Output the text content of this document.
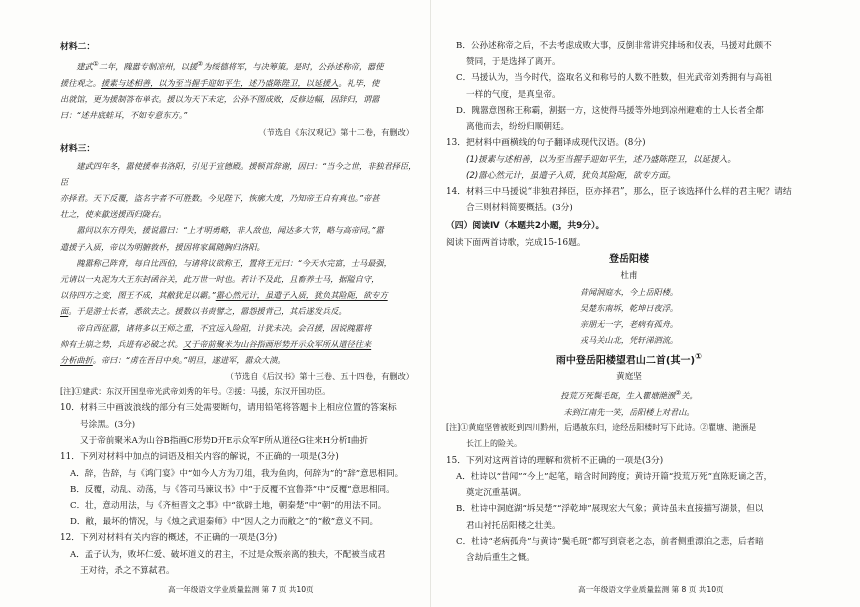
材料二：

建武①二年，隗嚣专制凉州，以援②为绥德将军，与决筹策。是时，公孙述称帝，嚣使

援往观之。援素与述相善，以为至当握手迎如平生，述乃盛陈陛卫，以延援入。礼毕，使

出就馆，更为援制答布单衣。援以为天下未定，公孙不图成败，反修边幅，因辞归，谓嚣

曰：“述井底蛙耳，不如专意东方。”

（节选自《东汉观记》第十二卷，有删改）

材料三：

建武四年冬，嚣使援奉书洛阳，引见于宣德殿。援顿首辞谢，因曰：“当今之世，非独君择臣，臣

亦择君。天下反覆，盗名字者不可胜数。今见陛下，恢廓大度，乃知帝王自有真也。”帝甚

壮之，使来歙送援西归陇右。

嚣问以东方得失，援说嚣曰：“上才明勇略，非人敌也，闻达多大节，略与高帝同。”嚣

遣援子入质，帝以为明腑敦朴，援因将家属随胸归洛阳。

隗嚣称己阵背，每自比西伯，与诸将议欲称王，置将王元曰：“今天水完富，士马最强，

元请以一丸泥为大王东封函谷关，此万世一时也。若计不及此，且畜养士马，据隘自守，

以待四方之变，图王不成，其敝犹足以霸。”嚣心然元计，虽遣子入质，犹负其险阨，欲专方

面。于是游士长者，悉欲去之。援数以书责譬之，嚣怨援背己，其后遂发兵反。

帝自西征嚣，诸将多以王师之重，不宜远入险阻，计犹未决。会召援，因说隗嚣将

帅有土崩之势，兵进有必破之状。又于帝前聚米为山谷指画形势开示众军所从道径往来

分析曲折。帝曰：“虏在吾目中矣。”明旦，遂进军，嚣众大溃。

（节选自《后汉书》第十三卷、五十四卷，有删改）

[注]①建武：东汉开国皇帝光武帝刘秀的年号。②援：马援，东汉开国功臣。

10．材料三中画波浪线的部分有三处需要断句，请用铅笔将答题卡上相应位置的答案标

号涂黑。(3分)

又于帝前聚米A为山谷B指画C形势D开E示众军F所从道径G往来H分析I曲折

11．下列对材料中加点的词语及相关内容的解说，不正确的一项是(3分)

A．辞，告辞，与《鸿门宴》中“如今人方为刀俎，我为鱼肉，何辞为”的“辞”意思相同。

B．反覆，动乱、动荡，与《答司马谏议书》中“于反覆不宜鲁莽”中“反覆”意思相同。

C．壮，意动用法，与《齐桓晋文之事》中“欲辟土地，朝秦楚”中“朝”的用法不同。

D．敝，最坏的情况，与《烛之武退秦师》中“因人之力而敝之”的“敝”意义不同。

12．下列对材料有关内容的概述，不正确的一项是(3分)

A．孟子认为，败坏仁爱、破坏道义的君主，不过是众叛亲离的独夫，不配被当成君

王对待，杀之不算弑君。

高一年级语文学业质量监测 第 7 页 共10页

B．公孙述称帝之后，不去考虑成败大事，反倒非常讲究排场和仪表，马援对此颇不

赞同，于是选择了离开。

C．马援认为，当今时代，盗取名义和称号的人数不胜数，但光武帝刘秀拥有与高祖

一样的气度，是真皇帝。

D．隗嚣意图称王称霸，割据一方，这使得马援等外地到凉州避难的士人长者全都

离他而去，纷纷归顺朝廷。

13．把材料中画横线的句子翻译成现代汉语。(8分)

(1)援素与述相善，以为至当握手迎如平生，述乃盛陈陛卫，以延援入。

(2)嚣心然元计，虽遣子入质，犹负其险阨，欲专方面。

14．材料三中马援说“非独君择臣，臣亦择君”，那么，臣子该选择什么样的君主呢？请结

合三则材料简要概括。(3分)

（四）阅读Ⅳ（本题共2小题，共9分）。

阅读下面两首诗歌，完成15-16题。

登岳阳楼

杜甫

昔闻洞庭水，今上岳阳楼。

吴楚东南坼，乾坤日夜浮。

亲朋无一字，老病有孤舟。

戎马关山北，凭轩涕泗流。

雨中登岳阳楼望君山二首(其一)①

黄庭坚

投荒万死鬓毛斑，生入瞿塘滟滪②关。

未到江南先一笑，岳阳楼上对君山。

[注]①黄庭坚曾被贬到四川黔州，后遇赦东归，途经岳阳楼时写下此诗。②瞿塘、滟滪是

长江上的险关。

15．下列对这两首诗的理解和赏析不正确的一项是(3分)

A．杜诗以“昔闻”“今上”起笔，暗含时间跨度；黄诗开篇“投荒万死”直陈贬谪之苦，

奠定沉重基调。

B．杜诗中洞庭湖“坼吴楚”“浮乾坤”展现宏大气象；黄诗虽未直接描写湖景，但以

君山衬托岳阳楼之壮美。

C．杜诗“老病孤舟”与黄诗“鬓毛斑”都写到衰老之态，前者侧重漂泊之悲，后者暗

含劫后重生之慨。

高一年级语文学业质量监测 第 8 页 共10页
